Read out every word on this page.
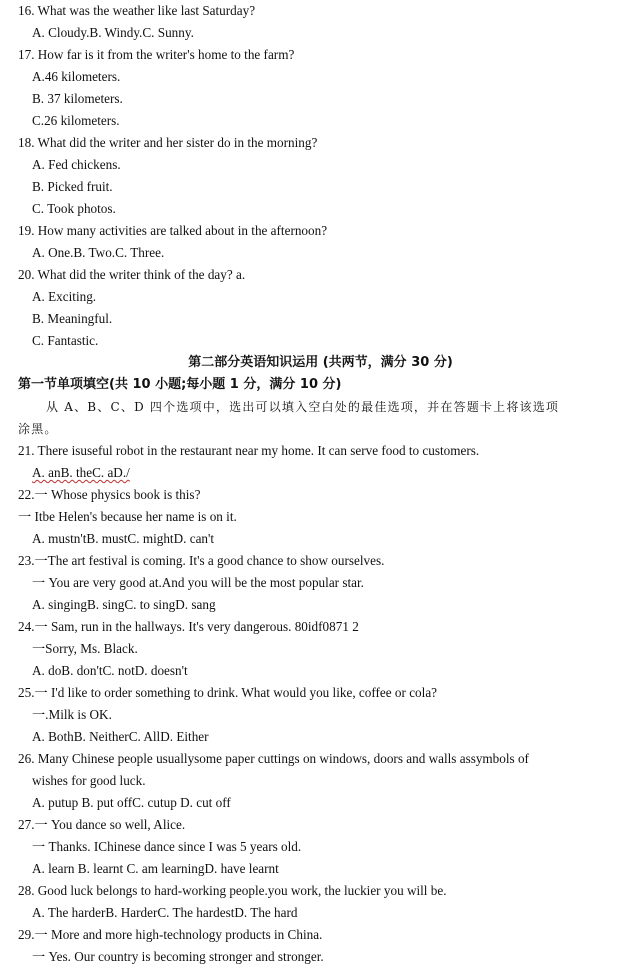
16. What was the weather like last Saturday?
A. Cloudy.B. Windy.C. Sunny.
17. How far is it from the writer's home to the farm?
A.46 kilometers.
B. 37 kilometers.
C.26 kilometers.
18. What did the writer and her sister do in the morning?
A. Fed chickens.
B. Picked fruit.
C. Took photos.
19. How many activities are talked about in the afternoon?
A. One.B. Two.C. Three.
20. What did the writer think of the day? a.
A. Exciting.
B. Meaningful.
C. Fantastic.
第二部分英语知识运用 (共两节，满分 30 分)
第一节单项填空(共 10 小题;每小题 1 分，满分 10 分)
从 A、B、C、D 四个选项中，选出可以填入空白处的最佳选项，并在答题卡上将该选项
涂黑。
21. There isuseful robot in the restaurant near my home. It can serve food to customers.
A. anB. theC. aD./
22.一 Whose physics book is this?
一 Itbe Helen's because her name is on it.
A. mustn'tB. mustC. mightD. can't
23.一The art festival is coming. It's a good chance to show ourselves.
一 You are very good at.And you will be the most popular star.
A. singingB. singC. to singD. sang
24.一 Sam, run in the hallways. It's very dangerous. 80idf0871 2
一Sorry, Ms. Black.
A. doB. don'tC. notD. doesn't
25.一 I'd like to order something to drink. What would you like, coffee or cola?
一.Milk is OK.
A. BothB. NeitherC. AllD. Either
26. Many Chinese people usuallysome paper cuttings on windows, doors and walls assymbols of
wishes for good luck.
A. putup B. put offC. cutup D. cut off
27.一 You dance so well, Alice.
一 Thanks. IChinese dance since I was 5 years old.
A. learn B. learnt C. am learningD. have learnt
28. Good luck belongs to hard-working people.you work, the luckier you will be.
A. The harderB. HarderC. The hardestD. The hard
29.一 More and more high-technology products in China.
一 Yes. Our country is becoming stronger and stronger.
